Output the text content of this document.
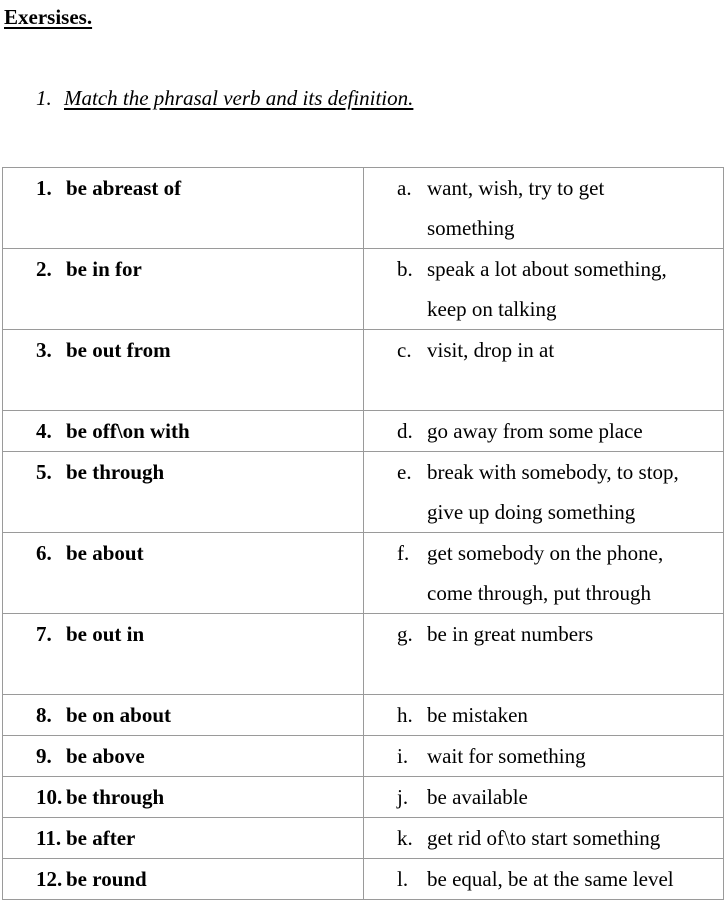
Exersises.
1. Match the phrasal verb and its definition.
1. be abreast of	a. want, wish, try to get
something

2. be in for	b. speak a lot about something,
keep on talking

3. be out from	c. visit, drop in at

4. be off\on with	d. go away from some place

5. be through	e. break with somebody, to stop,
give up doing something

6. be about	f. get somebody on the phone,
come through, put through

7. be out in	g. be in great numbers

8. be on about	h. be mistaken

9. be above	i. wait for something

10. be through	j. be available

11. be after	k. get rid of\to start something

12. be round	l. be equal, be at the same level
